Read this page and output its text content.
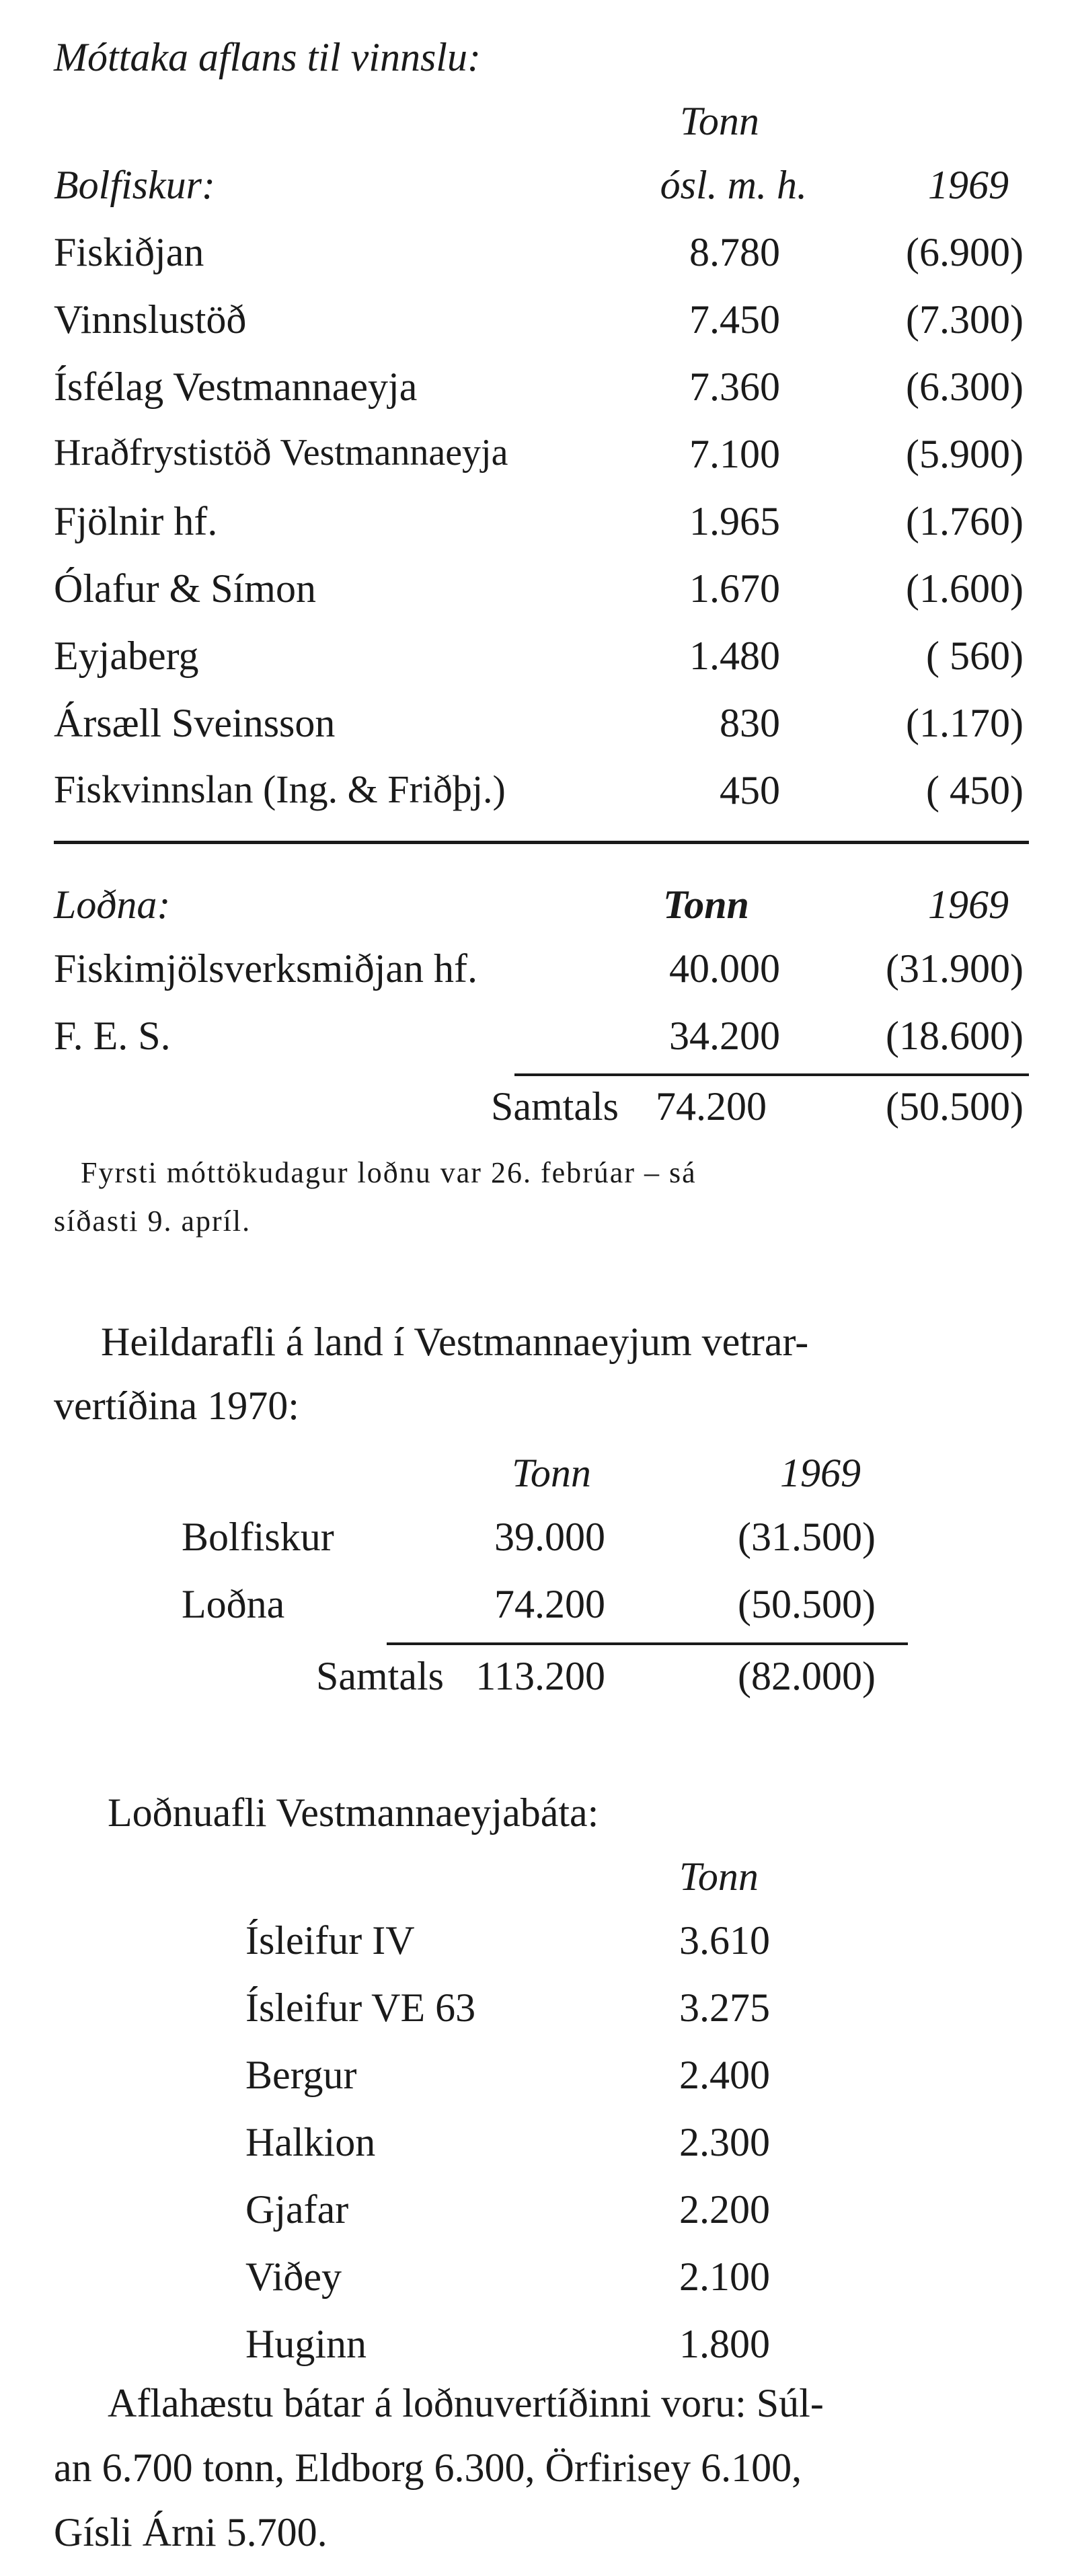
Móttaka aflans til vinnslu:
Tonn
Bolfiskur:	ósl. m. h.	1969
Fiskiðjan	8.780	(6.900)
Vinnslustöð	7.450	(7.300)
Ísfélag Vestmannaeyja	7.360	(6.300)
Hraðfrystistöð Vestmannaeyja	7.100	(5.900)
Fjölnir hf.	1.965	(1.760)
Ólafur & Símon	1.670	(1.600)
Eyjaberg	1.480	( 560)
Ársæll Sveinsson	830	(1.170)
Fiskvinnslan (Ing. & Friðþj.)	450	( 450)
Loðna:	Tonn	1969
Fiskimjölsverksmiðjan hf.	40.000	(31.900)
F. E. S.	34.200	(18.600)
Samtals 74.200	(50.500)
Fyrsti móttökudagur loðnu var 26. febrúar – sá
síðasti 9. apríl.
Heildarafli á land í Vestmannaeyjum vetrar-
vertíðina 1970:
Tonn	1969
Bolfiskur	39.000	(31.500)
Loðna	74.200	(50.500)
Samtals 113.200	(82.000)
Loðnuafli Vestmannaeyjabáta:
Tonn
Ísleifur IV	3.610
Ísleifur VE 63	3.275
Bergur	2.400
Halkion	2.300
Gjafar	2.200
Viðey	2.100
Huginn	1.800
Aflahæstu bátar á loðnuvertíðinni voru: Súl-
an 6.700 tonn, Eldborg 6.300, Örfirisey 6.100,
Gísli Árni 5.700.
